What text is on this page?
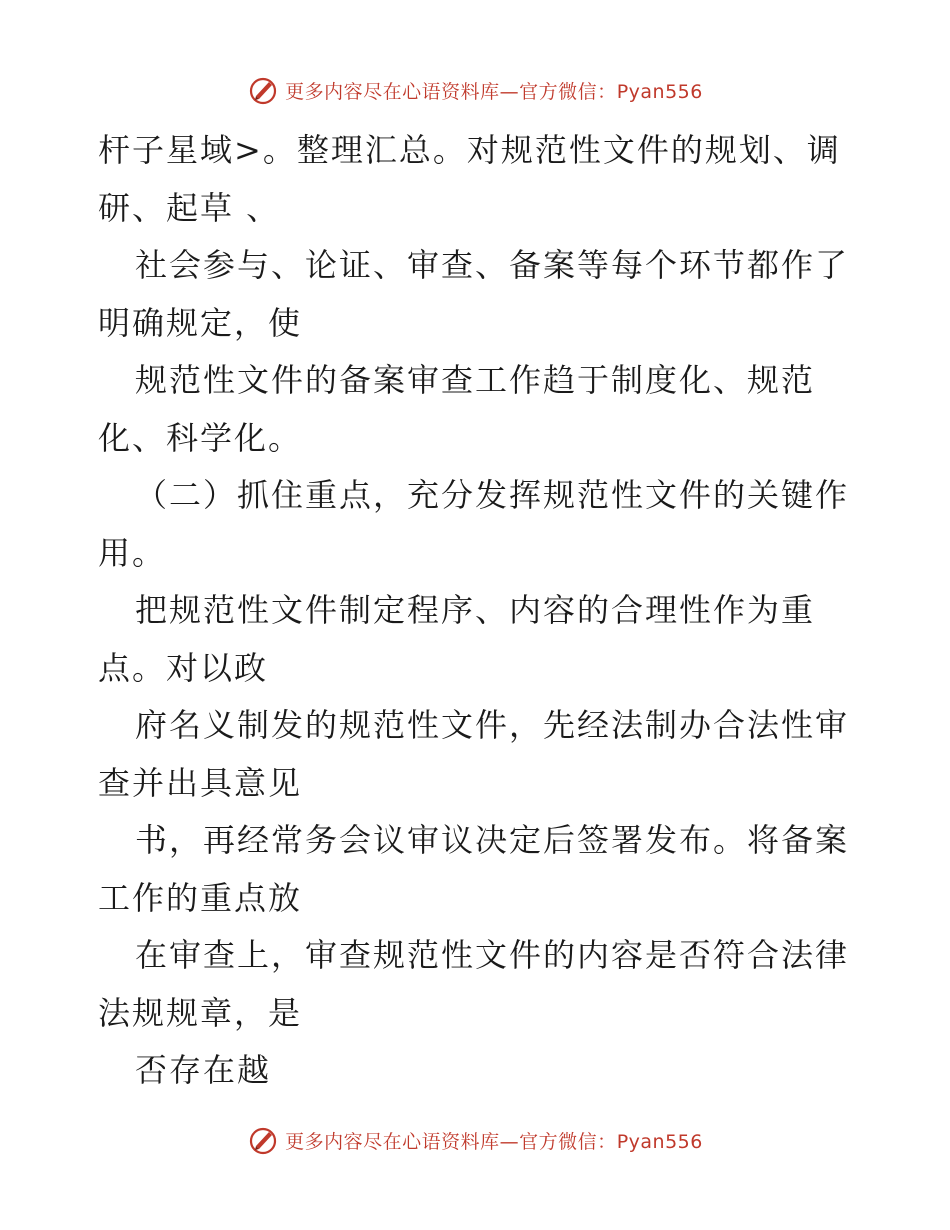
更多内容尽在心语资料库—官方微信：Pyan556
杆子星域>。整理汇总。对规范性文件的规划、调
研、起草 、
社会参与、论证、审查、备案等每个环节都作了
明确规定，使
规范性文件的备案审查工作趋于制度化、规范
化、科学化。
（二）抓住重点，充分发挥规范性文件的关键作
用。
把规范性文件制定程序、内容的合理性作为重
点。对以政
府名义制发的规范性文件，先经法制办合法性审
查并出具意见
书，再经常务会议审议决定后签署发布。将备案
工作的重点放
在审查上，审查规范性文件的内容是否符合法律
法规规章，是
否存在越
更多内容尽在心语资料库—官方微信：Pyan556
